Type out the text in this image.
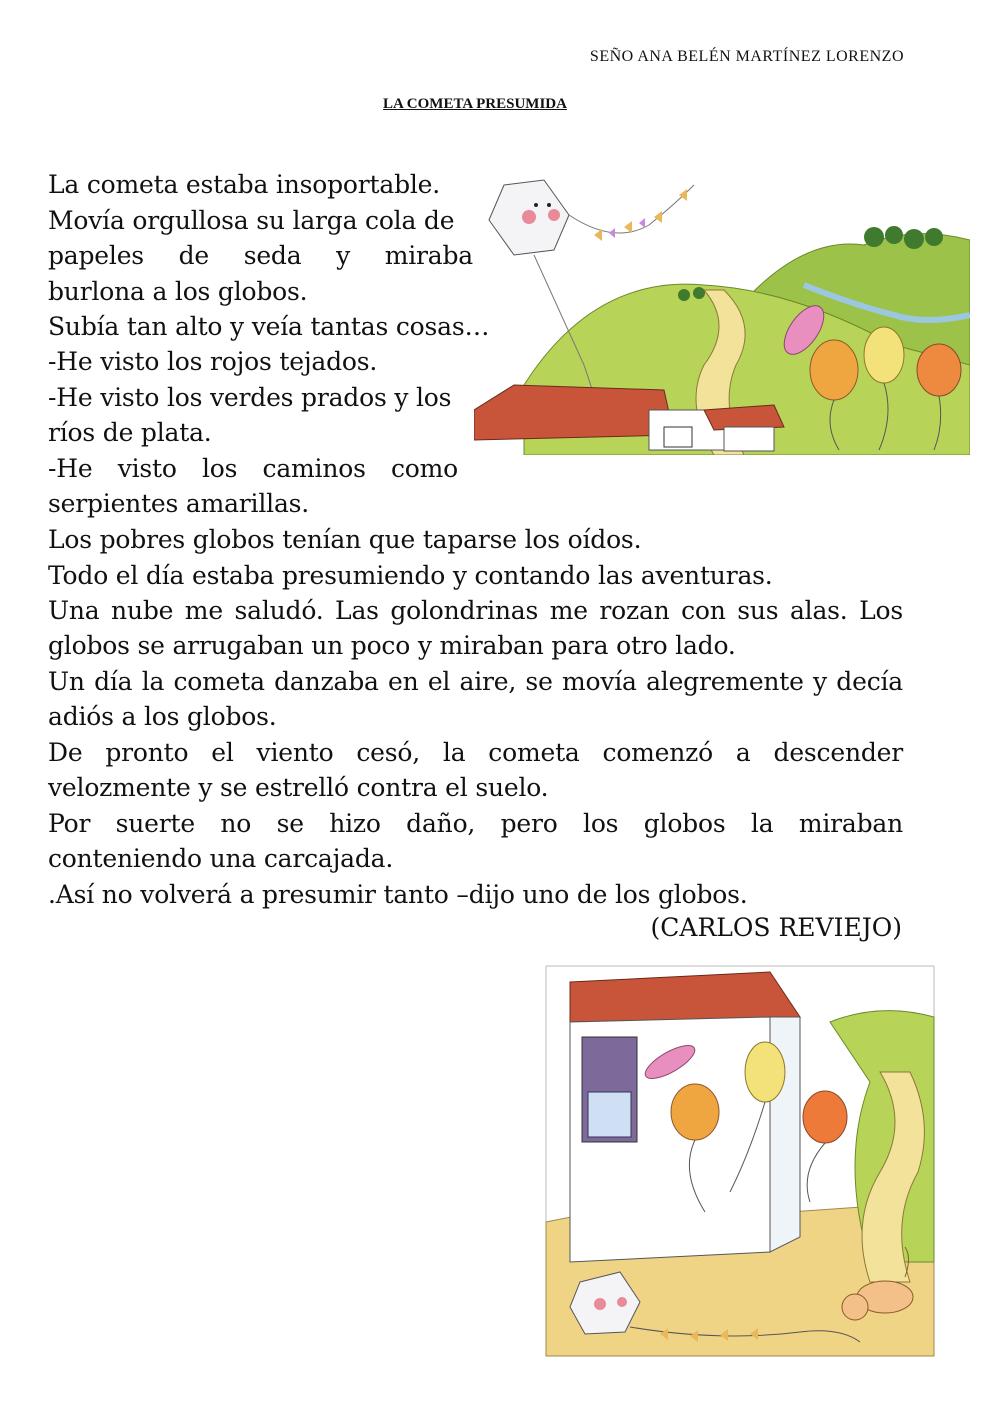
SEÑO ANA BELÉN MARTÍNEZ LORENZO
LA COMETA PRESUMIDA
La cometa estaba insoportable.
Movía orgullosa su larga cola de
papeles de seda y miraba
burlona a los globos.
Subía tan alto y veía tantas cosas…
-He visto los rojos tejados.
-He visto los verdes prados y los
ríos de plata.
-He visto los caminos como
serpientes amarillas.
Los pobres globos tenían que taparse los oídos.
Todo el día estaba presumiendo y contando las aventuras.
Una nube me saludó. Las golondrinas me rozan con sus alas. Los
globos se arrugaban un poco y miraban para otro lado.
Un día la cometa danzaba en el aire, se movía alegremente y decía
adiós a los globos.
De pronto el viento cesó, la cometa comenzó a descender
velozmente y se estrelló contra el suelo.
Por suerte no se hizo daño, pero los globos la miraban
conteniendo una carcajada.
.Así no volverá a presumir tanto –dijo uno de los globos.
(CARLOS REVIEJO)
